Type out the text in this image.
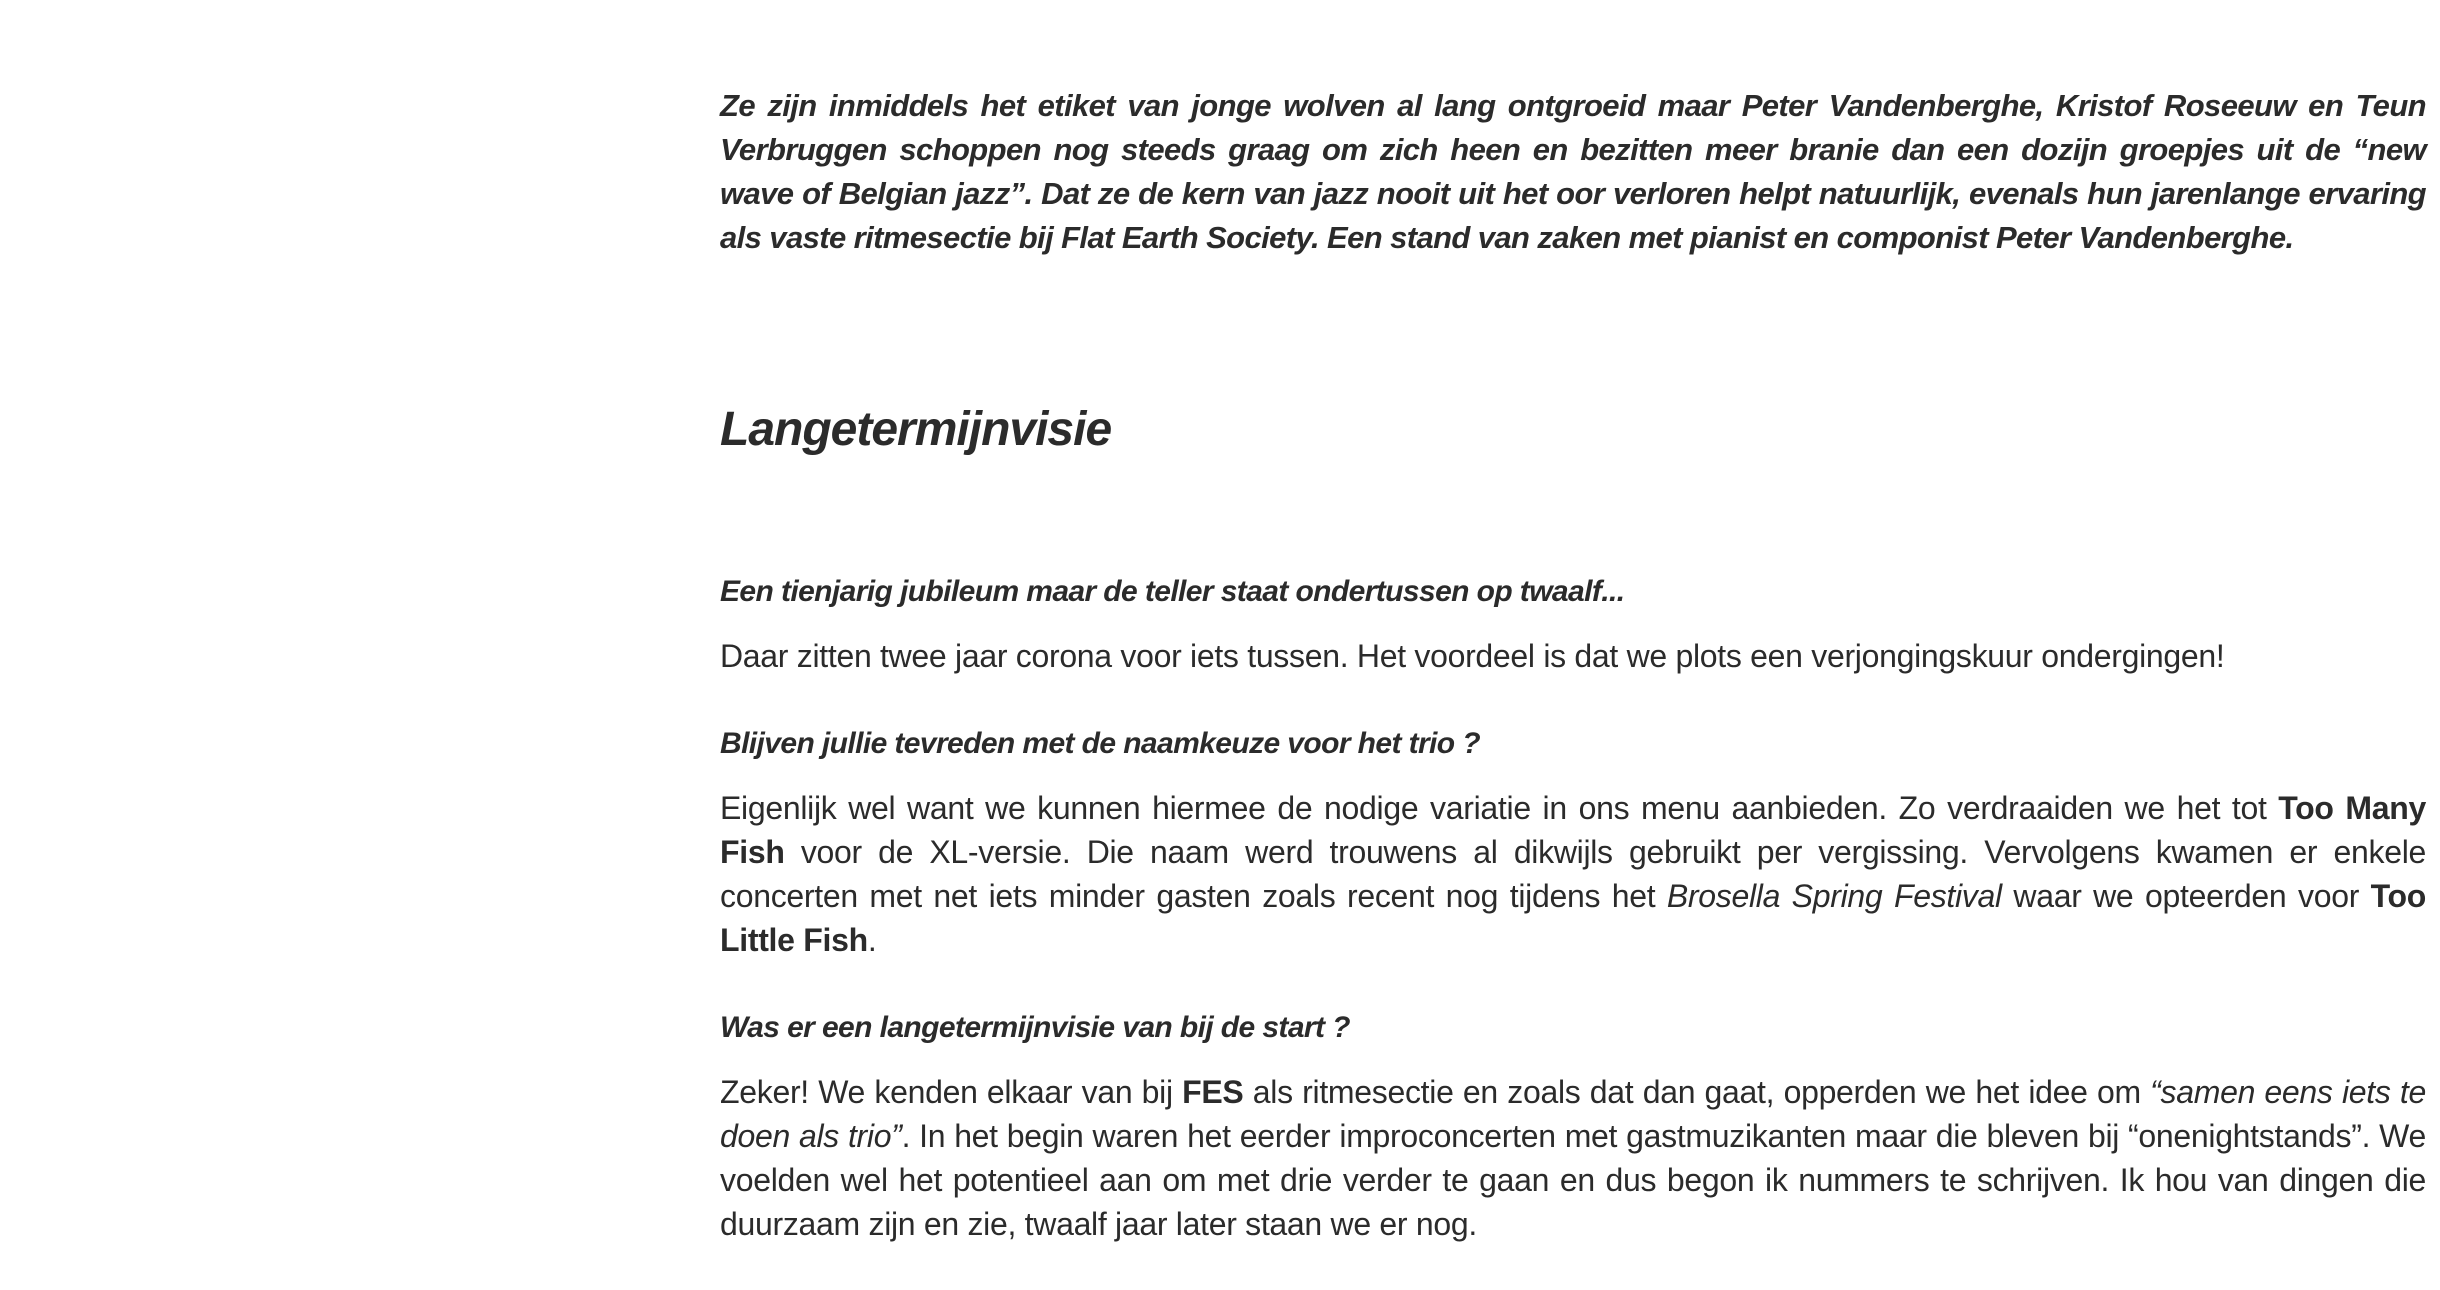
Ze zijn inmiddels het etiket van jonge wolven al lang ontgroeid maar Peter Vandenberghe, Kristof Roseeuw en Teun Verbruggen schoppen nog steeds graag om zich heen en bezitten meer branie dan een dozijn groepjes uit de “new wave of Belgian jazz”. Dat ze de kern van jazz nooit uit het oor verloren helpt natuurlijk, evenals hun jarenlange ervaring als vaste ritmesectie bij Flat Earth Society. Een stand van zaken met pianist en componist Peter Vandenberghe.

Langetermijnvisie

Een tienjarig jubileum maar de teller staat ondertussen op twaalf...

Daar zitten twee jaar corona voor iets tussen. Het voordeel is dat we plots een verjongingskuur ondergingen!

Blijven jullie tevreden met de naamkeuze voor het trio ?

Eigenlijk wel want we kunnen hiermee de nodige variatie in ons menu aanbieden. Zo verdraaiden we het tot Too Many Fish voor de XL-versie. Die naam werd trouwens al dikwijls gebruikt per vergissing. Vervolgens kwamen er enkele concerten met net iets minder gasten zoals recent nog tijdens het Brosella Spring Festival waar we opteerden voor Too Little Fish.

Was er een langetermijnvisie van bij de start ?

Zeker! We kenden elkaar van bij FES als ritmesectie en zoals dat dan gaat, opperden we het idee om “samen eens iets te doen als trio”. In het begin waren het eerder improconcerten met gastmuzikanten maar die bleven bij “onenightstands”. We voelden wel het potentieel aan om met drie verder te gaan en dus begon ik nummers te schrijven. Ik hou van dingen die duurzaam zijn en zie, twaalf jaar later staan we er nog.
